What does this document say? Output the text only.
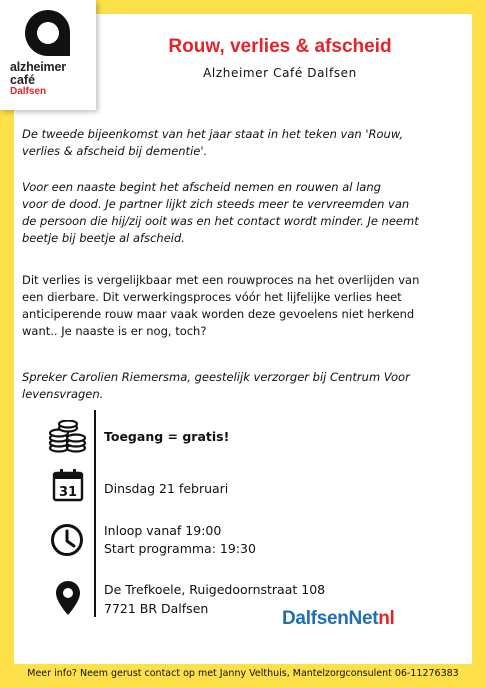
alzheimer
café
Dalfsen
Rouw, verlies & afscheid
Alzheimer Café Dalfsen

De tweede bijeenkomst van het jaar staat in het teken van 'Rouw,
verlies & afscheid bij dementie'.

Voor een naaste begint het afscheid nemen en rouwen al lang
voor de dood. Je partner lijkt zich steeds meer te vervreemden van
de persoon die hij/zij ooit was en het contact wordt minder. Je neemt
beetje bij beetje al afscheid.

Dit verlies is vergelijkbaar met een rouwproces na het overlijden van
een dierbare. Dit verwerkingsproces vóór het lijfelijke verlies heet
anticiperende rouw maar vaak worden deze gevoelens niet herkend
want.. Je naaste is er nog, toch?

Spreker Carolien Riemersma, geestelijk verzorger bij Centrum Voor
levensvragen.

Toegang = gratis!
31 Dinsdag 21 februari
Inloop vanaf 19:00
Start programma: 19:30
De Trefkoele, Ruigedoornstraat 108
7721 BR Dalfsen	DalfsenNetnl
Meer info? Neem gerust contact op met Janny Velthuis, Mantelzorgconsulent 06-11276383
